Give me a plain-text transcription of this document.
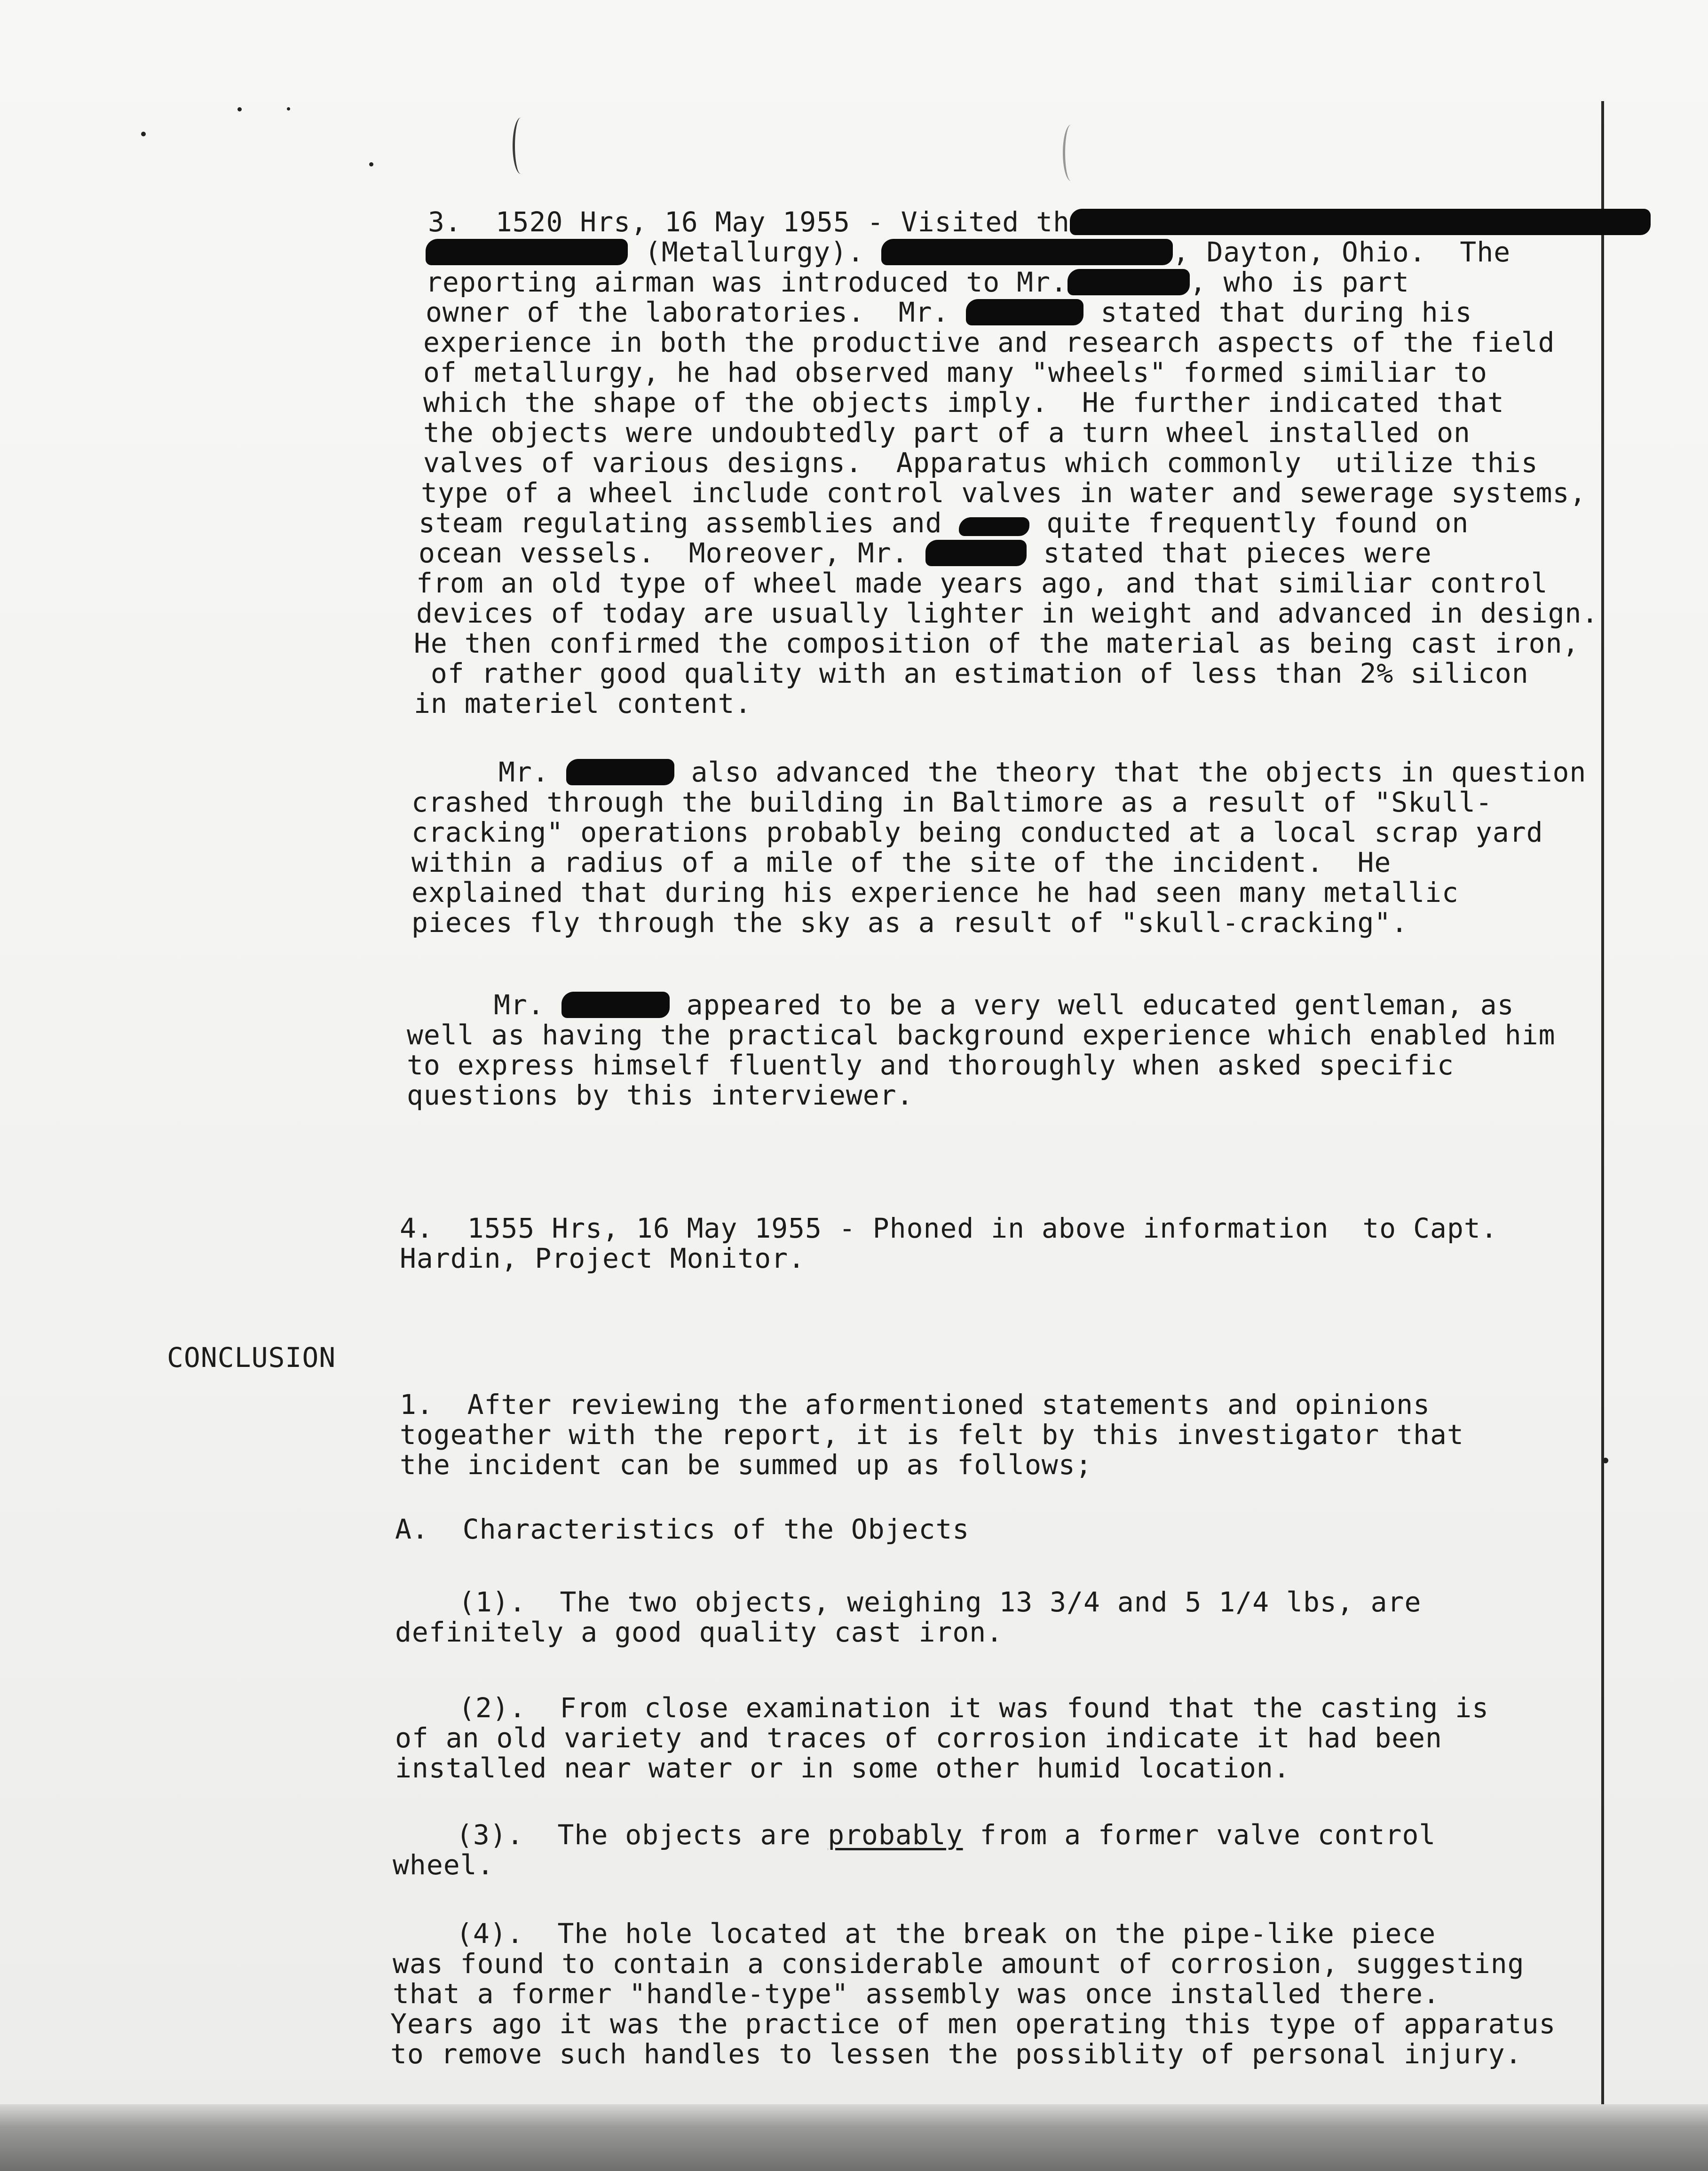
3. 1520 Hrs, 16 May 1955 - Visited th
(Metallurgy).	, Dayton, Ohio.  The
reporting airman was introduced to Mr.	, who is part
owner of the laboratories.  Mr.	stated that during his
experience in both the productive and research aspects of the field
of metallurgy, he had observed many "wheels" formed similiar to
which the shape of the objects imply.  He further indicated that
the objects were undoubtedly part of a turn wheel installed on
valves of various designs.  Apparatus which commonly  utilize this
type of a wheel include control valves in water and sewerage systems,
steam regulating assemblies and	quite frequently found on
ocean vessels.  Moreover, Mr.	stated that pieces were
from an old type of wheel made years ago, and that similiar control
devices of today are usually lighter in weight and advanced in design.
He then confirmed the composition of the material as being cast iron,
of rather good quality with an estimation of less than 2% silicon
in materiel content.
Mr.	also advanced the theory that the objects in question
crashed through the building in Baltimore as a result of "Skull-
cracking" operations probably being conducted at a local scrap yard
within a radius of a mile of the site of the incident.  He
explained that during his experience he had seen many metallic
pieces fly through the sky as a result of "skull-cracking".
Mr.	appeared to be a very well educated gentleman, as
well as having the practical background experience which enabled him
to express himself fluently and thoroughly when asked specific
questions by this interviewer.
4.  1555 Hrs, 16 May 1955 - Phoned in above information  to Capt.
Hardin, Project Monitor.
CONCLUSION
1.  After reviewing the aformentioned statements and opinions
togeather with the report, it is felt by this investigator that
the incident can be summed up as follows;
A.  Characteristics of the Objects
(1).  The two objects, weighing 13 3/4 and 5 1/4 lbs, are
definitely a good quality cast iron.
(2).  From close examination it was found that the casting is
of an old variety and traces of corrosion indicate it had been
installed near water or in some other humid location.
(3).  The objects are probably from a former valve control
wheel.
(4).  The hole located at the break on the pipe-like piece
was found to contain a considerable amount of corrosion, suggesting
that a former "handle-type" assembly was once installed there.
Years ago it was the practice of men operating this type of apparatus
to remove such handles to lessen the possiblity of personal injury.
